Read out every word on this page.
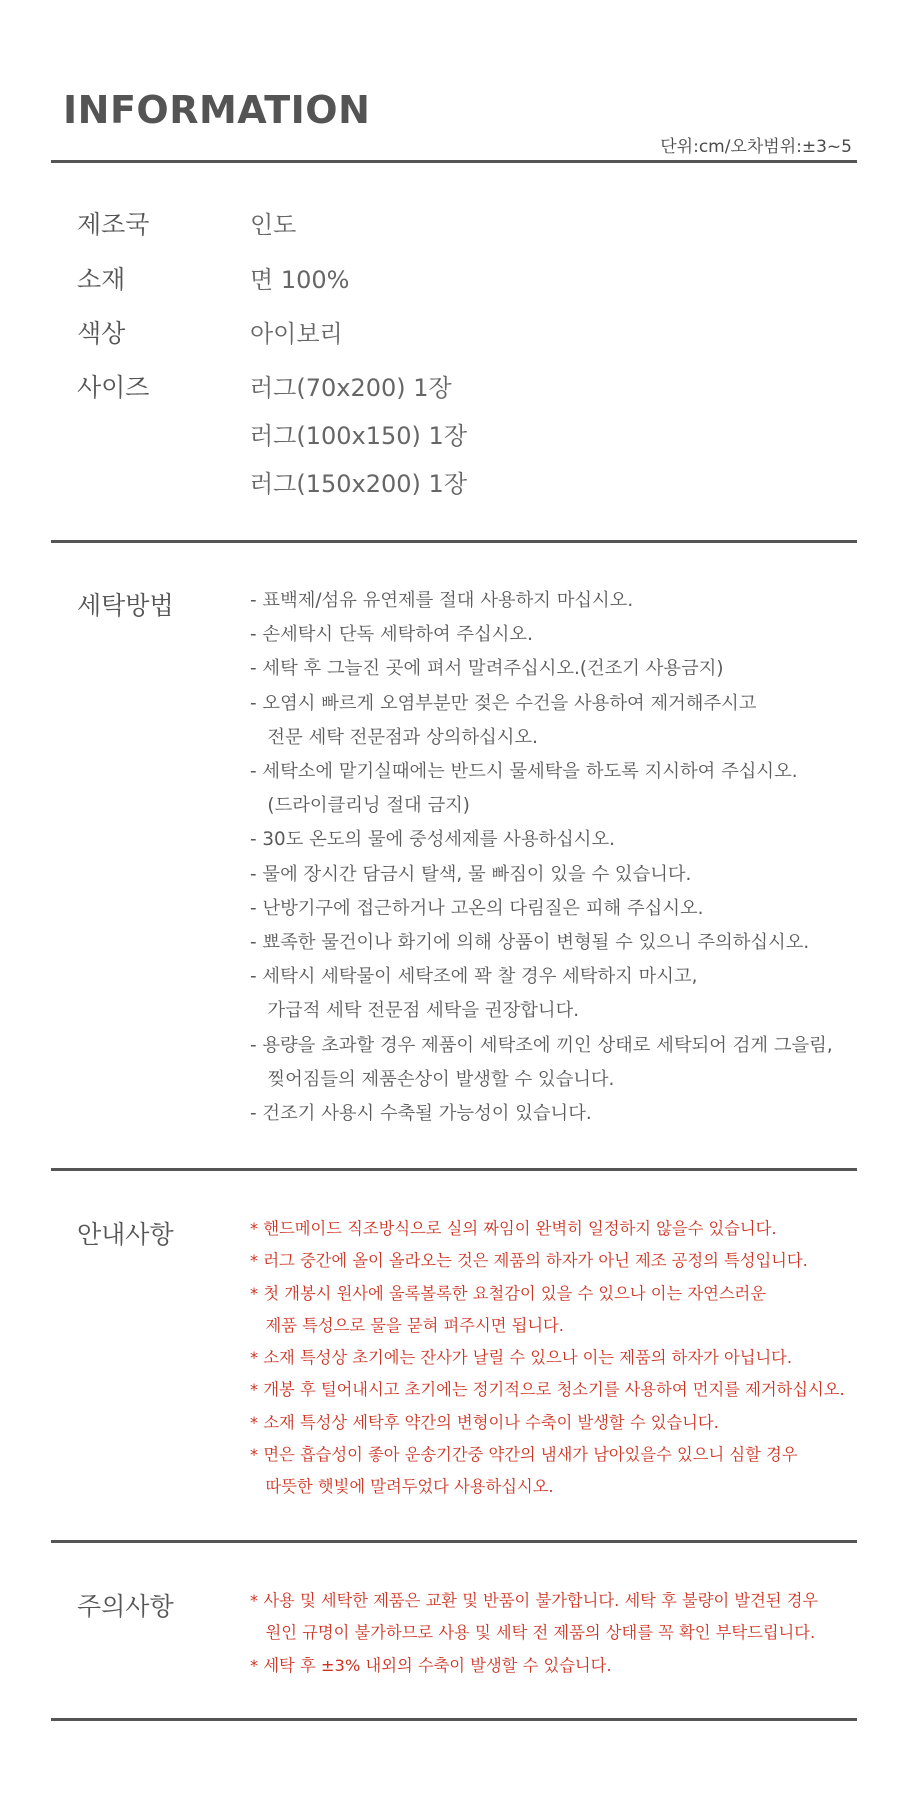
INFORMATION
단위:cm/오차범위:±3~5
제조국	인도
소재	면 100%
색상	아이보리
사이즈	러그(70x200) 1장
러그(100x150) 1장
러그(150x200) 1장
세탁방법	- 표백제/섬유 유연제를 절대 사용하지 마십시오.
- 손세탁시 단독 세탁하여 주십시오.
- 세탁 후 그늘진 곳에 펴서 말려주십시오.(건조기 사용금지)
- 오염시 빠르게 오염부분만 젖은 수건을 사용하여 제거해주시고
전문 세탁 전문점과 상의하십시오.
- 세탁소에 맡기실때에는 반드시 물세탁을 하도록 지시하여 주십시오.
(드라이클리닝 절대 금지)
- 30도 온도의 물에 중성세제를 사용하십시오.
- 물에 장시간 담금시 탈색, 물 빠짐이 있을 수 있습니다.
- 난방기구에 접근하거나 고온의 다림질은 피해 주십시오.
- 뾰족한 물건이나 화기에 의해 상품이 변형될 수 있으니 주의하십시오.
- 세탁시 세탁물이 세탁조에 꽉 찰 경우 세탁하지 마시고,
가급적 세탁 전문점 세탁을 권장합니다.
- 용량을 초과할 경우 제품이 세탁조에 끼인 상태로 세탁되어 검게 그을림,
찢어짐들의 제품손상이 발생할 수 있습니다.
- 건조기 사용시 수축될 가능성이 있습니다.
안내사항	* 핸드메이드 직조방식으로 실의 짜임이 완벽히 일정하지 않을수 있습니다.
* 러그 중간에 올이 올라오는 것은 제품의 하자가 아닌 제조 공정의 특성입니다.
* 첫 개봉시 원사에 울록볼록한 요철감이 있을 수 있으나 이는 자연스러운
제품 특성으로 물을 묻혀 펴주시면 됩니다.
* 소재 특성상 초기에는 잔사가 날릴 수 있으나 이는 제품의 하자가 아닙니다.
* 개봉 후 털어내시고 초기에는 정기적으로 청소기를 사용하여 먼지를 제거하십시오.
* 소재 특성상 세탁후 약간의 변형이나 수축이 발생할 수 있습니다.
* 면은 흡습성이 좋아 운송기간중 약간의 냄새가 남아있을수 있으니 심할 경우
따뜻한 햇빛에 말려두었다 사용하십시오.
주의사항	* 사용 및 세탁한 제품은 교환 및 반품이 불가합니다. 세탁 후 불량이 발견된 경우
원인 규명이 불가하므로 사용 및 세탁 전 제품의 상태를 꼭 확인 부탁드립니다.
* 세탁 후 ±3% 내외의 수축이 발생할 수 있습니다.
